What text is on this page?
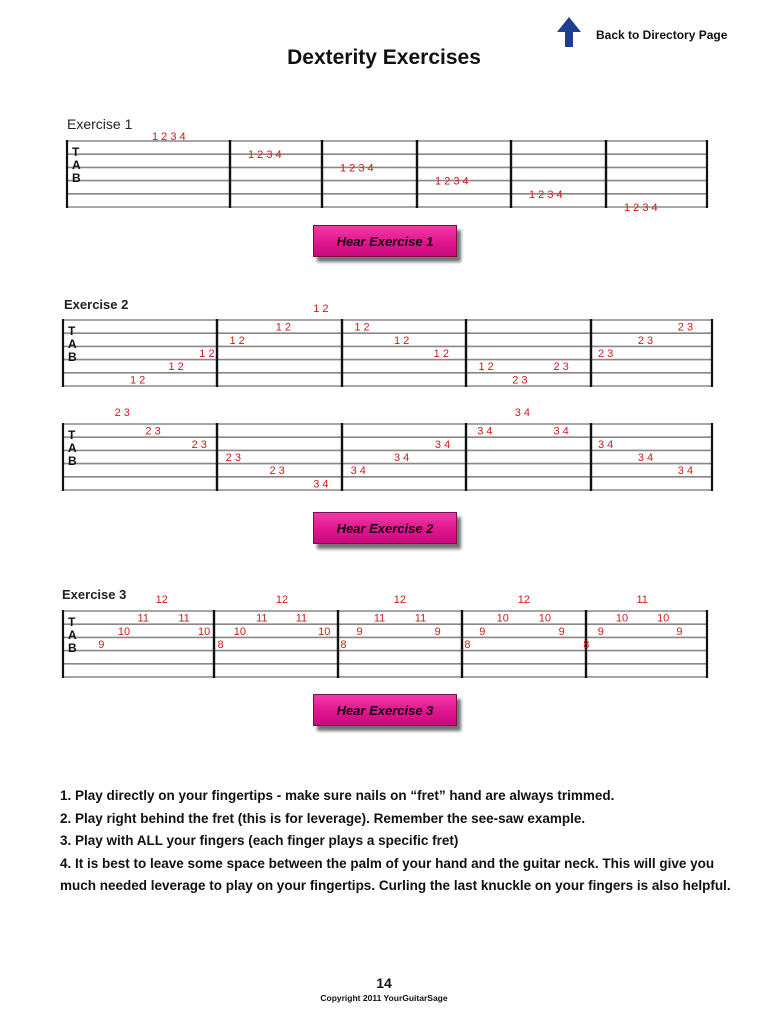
Back to Directory Page
Dexterity Exercises
Exercise 1
Exercise 2
Exercise 3
T
A
B
1 2 3 4
1 2 3 4
1 2 3 4
1 2 3 4
1 2 3 4
1 2 3 4
T
A
B
1 2
1 2
1 2
1 2
1 2
1 2
1 2
1 2
1 2
1 2
2 3
2 3
2 3
2 3
2 3
T
A
B
2 3
2 3
2 3
2 3
2 3
3 4
3 4
3 4
3 4
3 4
3 4
3 4
3 4
3 4
3 4
T
A
B 9
10
11
12
11
10
8
10
11
12
11
10
8
9
11
12
11
9
8
9
10
12
10
9
8
9
10
11
10
9
Hear Exercise 1
Hear Exercise 2
Hear Exercise 3
1. Play directly on your fingertips - make sure nails on “fret” hand are always trimmed.
2. Play right behind the fret (this is for leverage). Remember the see-saw example.
3. Play with ALL your fingers (each finger plays a specific fret)
4. It is best to leave some space between the palm of your hand and the guitar neck. This will give you much needed leverage to play on your fingertips. Curling the last knuckle on your fingers is also helpful.
14
Copyright 2011 YourGuitarSage
